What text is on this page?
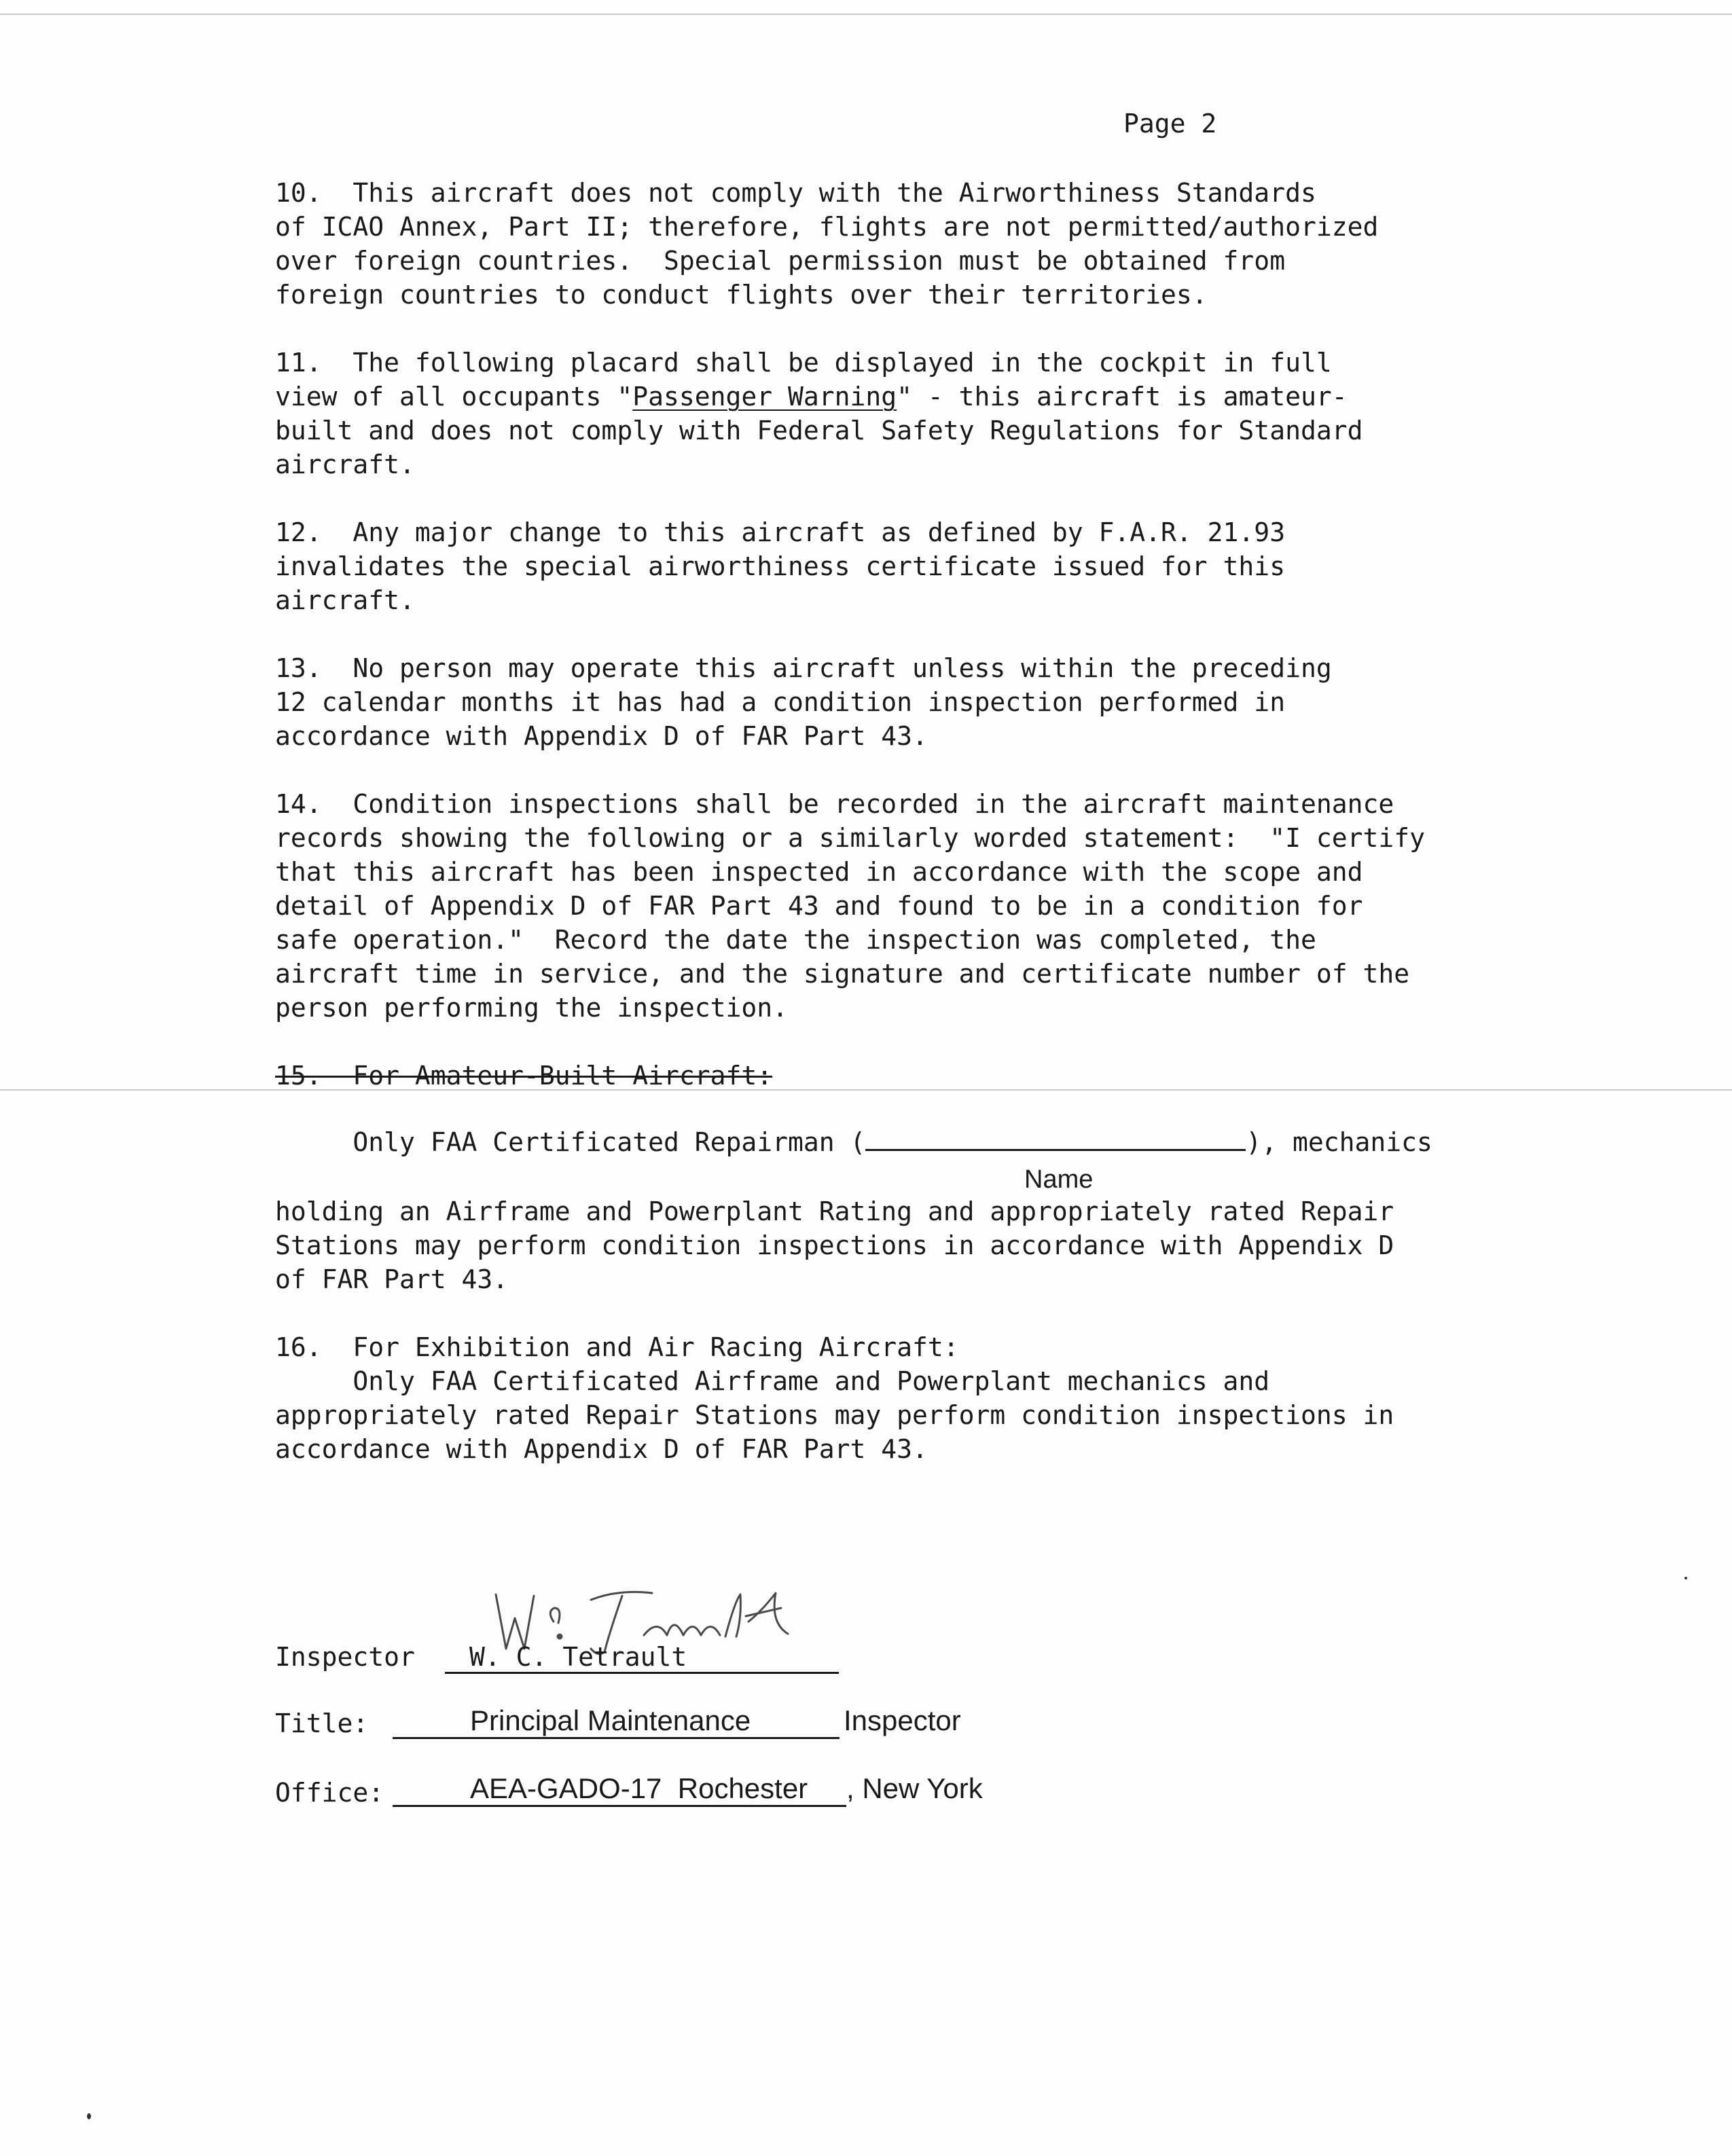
Page 2
10.  This aircraft does not comply with the Airworthiness Standards
of ICAO Annex, Part II; therefore, flights are not permitted/authorized
over foreign countries.  Special permission must be obtained from
foreign countries to conduct flights over their territories.
11.  The following placard shall be displayed in the cockpit in full
view of all occupants "Passenger Warning" - this aircraft is amateur-
built and does not comply with Federal Safety Regulations for Standard
aircraft.
12.  Any major change to this aircraft as defined by F.A.R. 21.93
invalidates the special airworthiness certificate issued for this
aircraft.
13.  No person may operate this aircraft unless within the preceding
12 calendar months it has had a condition inspection performed in
accordance with Appendix D of FAR Part 43.
14.  Condition inspections shall be recorded in the aircraft maintenance
records showing the following or a similarly worded statement:  "I certify
that this aircraft has been inspected in accordance with the scope and
detail of Appendix D of FAR Part 43 and found to be in a condition for
safe operation."  Record the date the inspection was completed, the
aircraft time in service, and the signature and certificate number of the
person performing the inspection.
15.  For Amateur-Built Aircraft:
Only FAA Certificated Repairman (	), mechanics
Name
holding an Airframe and Powerplant Rating and appropriately rated Repair
Stations may perform condition inspections in accordance with Appendix D
of FAR Part 43.
16.  For Exhibition and Air Racing Aircraft:
Only FAA Certificated Airframe and Powerplant mechanics and
appropriately rated Repair Stations may perform condition inspections in
accordance with Appendix D of FAR Part 43.
Inspector	W. C. Tetrault
Title:	Principal Maintenance	Inspector
Office:	AEA-GADO-17  Rochester	, New York
